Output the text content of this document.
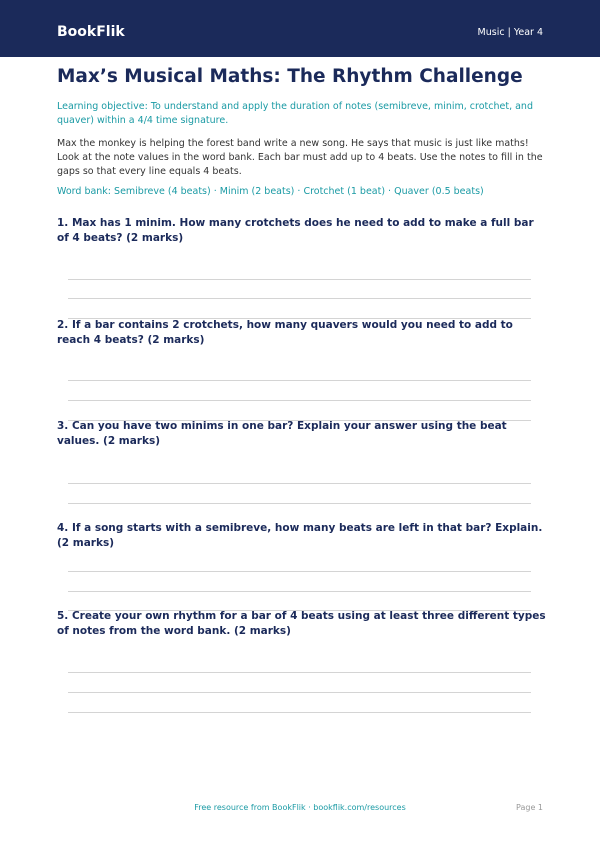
BookFlik	Music | Year 4
Max’s Musical Maths: The Rhythm Challenge
Learning objective: To understand and apply the duration of notes (semibreve, minim, crotchet, and quaver) within a 4/4 time signature.
Max the monkey is helping the forest band write a new song. He says that music is just like maths! Look at the note values in the word bank. Each bar must add up to 4 beats. Use the notes to fill in the gaps so that every line equals 4 beats.
Word bank: Semibreve (4 beats) · Minim (2 beats) · Crotchet (1 beat) · Quaver (0.5 beats)
1. Max has 1 minim. How many crotchets does he need to add to make a full bar of 4 beats? (2 marks)
2. If a bar contains 2 crotchets, how many quavers would you need to add to reach 4 beats? (2 marks)
3. Can you have two minims in one bar? Explain your answer using the beat values. (2 marks)
4. If a song starts with a semibreve, how many beats are left in that bar? Explain. (2 marks)
5. Create your own rhythm for a bar of 4 beats using at least three different types of notes from the word bank. (2 marks)
Free resource from BookFlik · bookflik.com/resources	Page 1
